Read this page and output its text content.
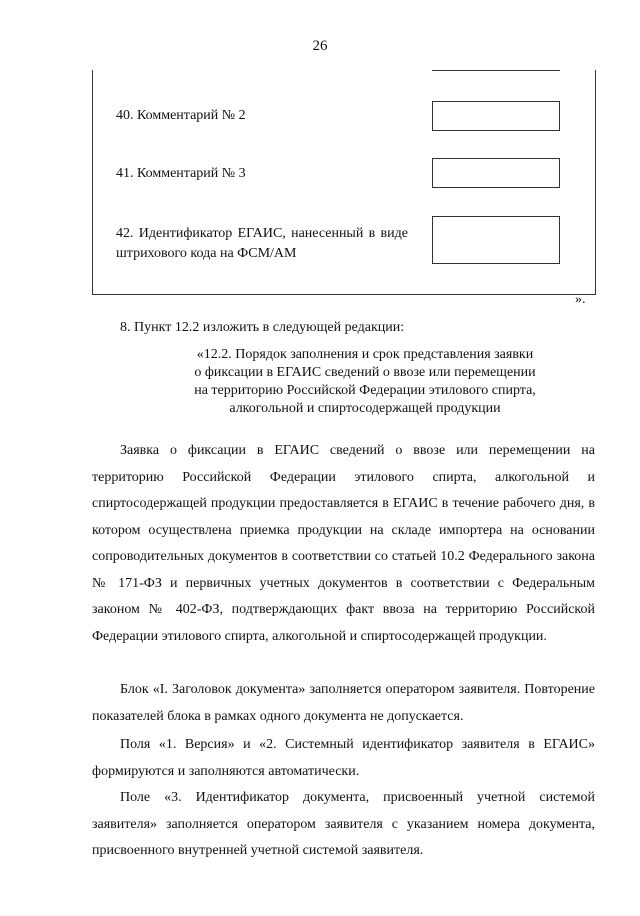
26
40. Комментарий № 2
41. Комментарий № 3
42. Идентификатор ЕГАИС, нанесенный в виде штрихового кода на ФСМ/АМ
».
8. Пункт 12.2 изложить в следующей редакции:
«12.2. Порядок заполнения и срок представления заявки
о фиксации в ЕГАИС сведений о ввозе или перемещении
на территорию Российской Федерации этилового спирта,
алкогольной и спиртосодержащей продукции
Заявка о фиксации в ЕГАИС сведений о ввозе или перемещении на территорию Российской Федерации этилового спирта, алкогольной и спиртосодержащей продукции предоставляется в ЕГАИС в течение рабочего дня, в котором осуществлена приемка продукции на складе импортера на основании сопроводительных документов в соответствии со статьей 10.2 Федерального закона № 171-ФЗ и первичных учетных документов в соответствии с Федеральным законом № 402-ФЗ, подтверждающих факт ввоза на территорию Российской Федерации этилового спирта, алкогольной и спиртосодержащей продукции.
Блок «I. Заголовок документа» заполняется оператором заявителя. Повторение показателей блока в рамках одного документа не допускается.
Поля «1. Версия» и «2. Системный идентификатор заявителя в ЕГАИС» формируются и заполняются автоматически.
Поле «3. Идентификатор документа, присвоенный учетной системой заявителя» заполняется оператором заявителя с указанием номера документа, присвоенного внутренней учетной системой заявителя.
